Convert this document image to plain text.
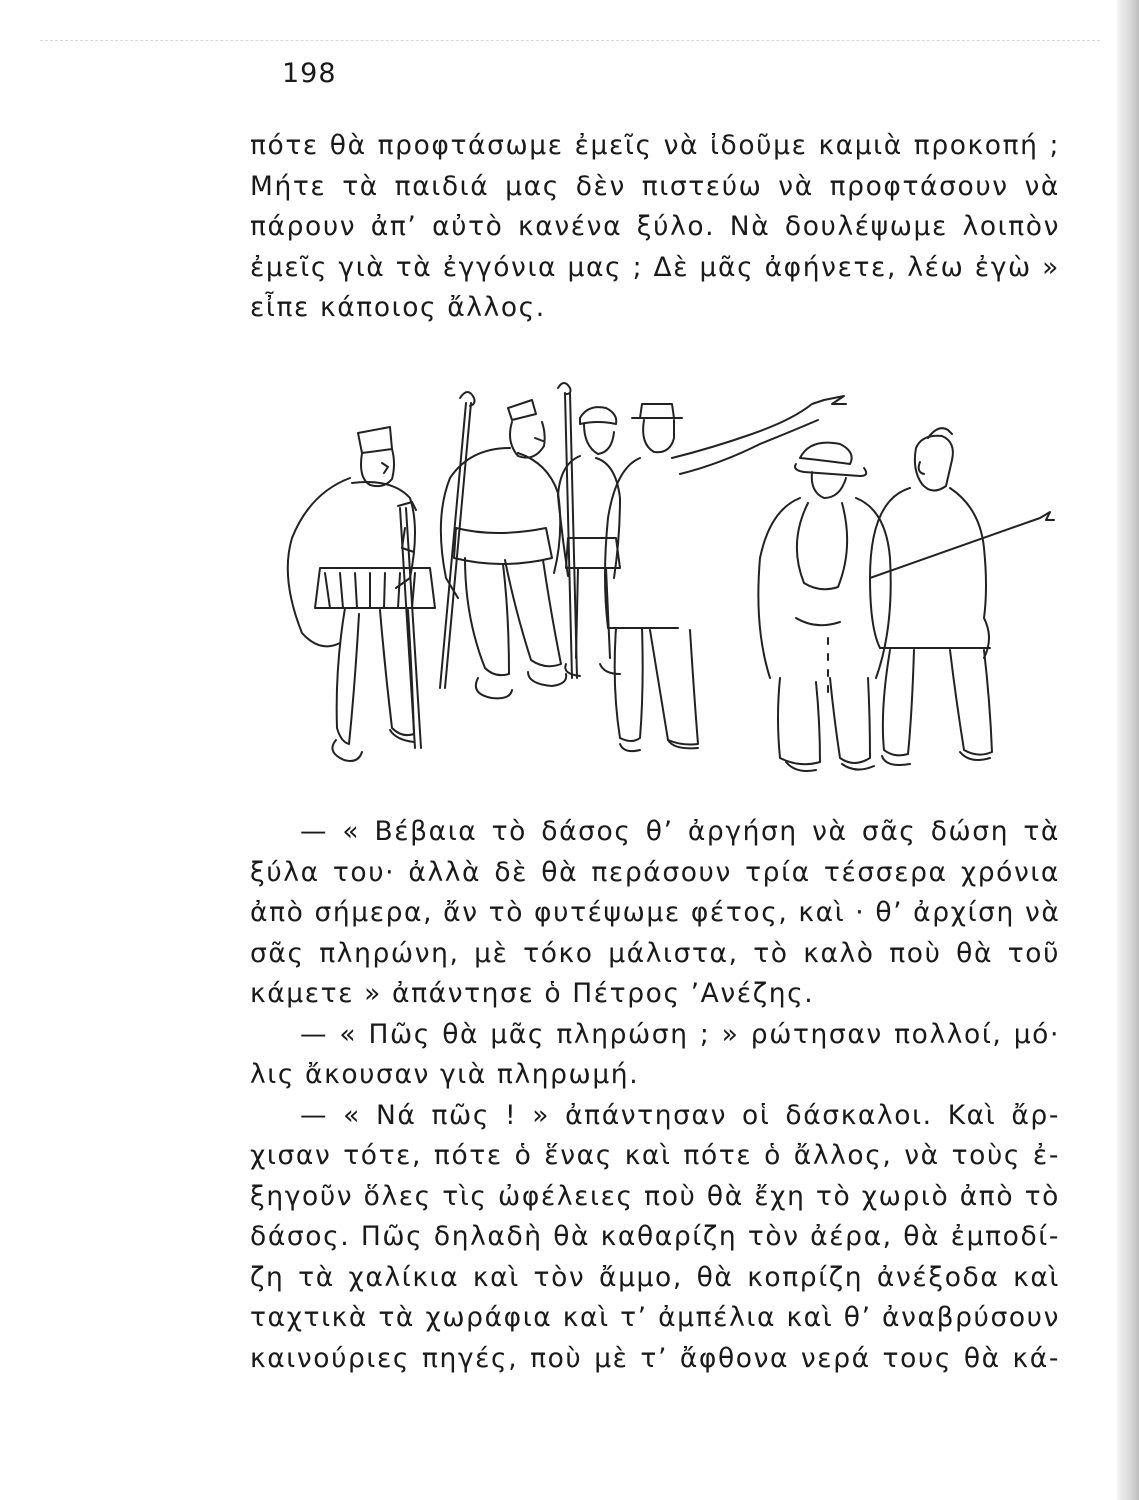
198
πότε θὰ προφτάσωμε ἐμεῖς νὰ ἰδοῦμε καμιὰ προκοπή ;
Μήτε τὰ παιδιά μας δὲν πιστεύω νὰ προφτάσουν νὰ
πάρουν ἀπ’ αὐτὸ κανένα ξύλο. Νὰ δουλέψωμε λοιπὸν
ἐμεῖς γιὰ τὰ ἐγγόνια μας ; Δὲ μᾶς ἀφήνετε, λέω ἐγὼ »
εἶπε κάποιος ἄλλος.
— « Βέβαια τὸ δάσος θ’ ἀργήση νὰ σᾶς δώση τὰ
ξύλα του· ἀλλὰ δὲ θὰ περάσουν τρία τέσσερα χρόνια
ἀπὸ σήμερα, ἄν τὸ φυτέψωμε φέτος, καὶ · θ’ ἀρχίση νὰ
σᾶς πληρώνη, μὲ τόκο μάλιστα, τὸ καλὸ ποὺ θὰ τοῦ
κάμετε » ἀπάντησε ὁ Πέτρος ’Ανέζης.
— « Πῶς θὰ μᾶς πληρώση ; » ρώτησαν πολλοί, μό·
λις ἄκουσαν γιὰ πληρωμή.
— « Νά πῶς ! » ἀπάντησαν οἱ δάσκαλοι. Καὶ ἄρ-
χισαν τότε, πότε ὁ ἕνας καὶ πότε ὁ ἄλλος, νὰ τοὺς ἐ-
ξηγοῦν ὅλες τὶς ὠφέλειες ποὺ θὰ ἔχη τὸ χωριὸ ἀπὸ τὸ
δάσος. Πῶς δηλαδὴ θὰ καθαρίζη τὸν ἀέρα, θὰ ἐμποδί-
ζη τὰ χαλίκια καὶ τὸν ἄμμο, θὰ κοπρίζη ἀνέξοδα καὶ
ταχτικὰ τὰ χωράφια καὶ τ’ ἀμπέλια καὶ θ’ ἀναβρύσουν
καινούριες πηγές, ποὺ μὲ τ’ ἄφθονα νερά τους θὰ κά-
